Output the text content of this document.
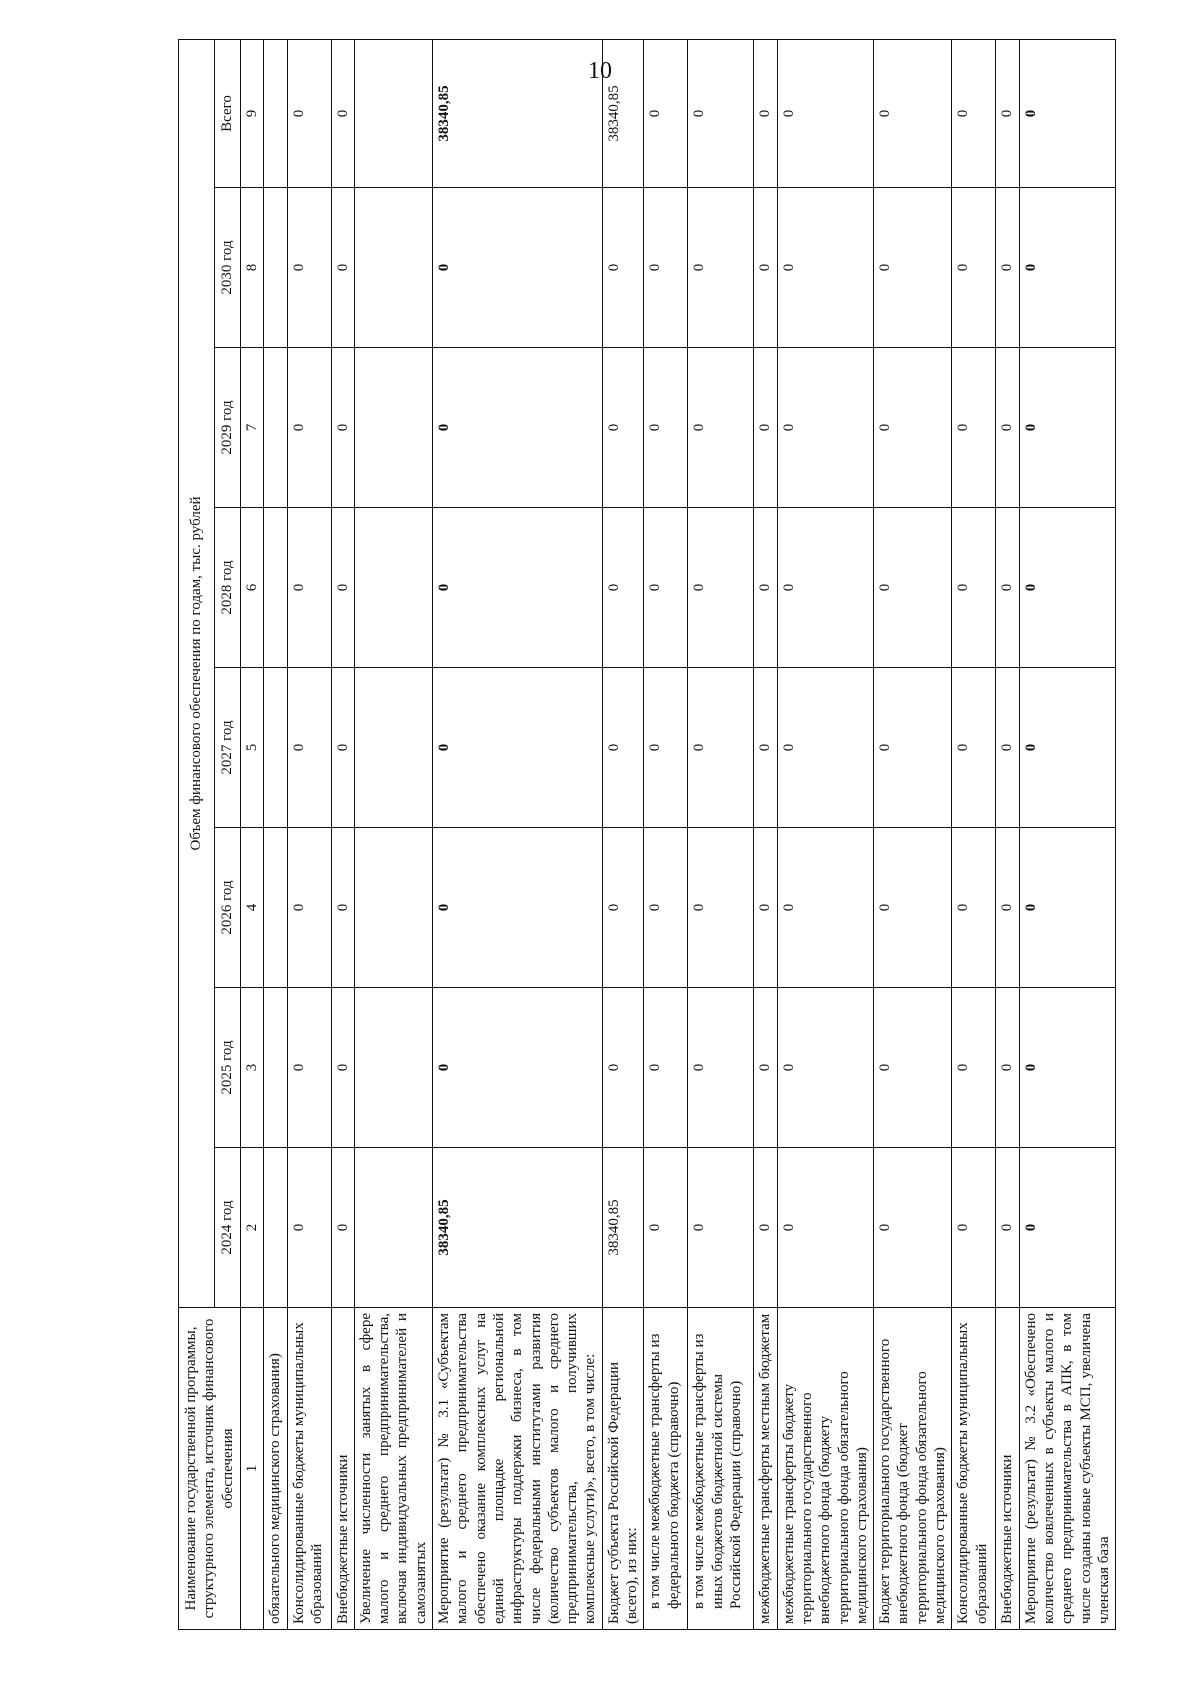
10
Наименование государственной программы, структурного элемента, источник финансового обеспечения	Объем финансового обеспечения по годам, тыс. рублей							
	2024 год	2025 год	2026 год	2027 год	2028 год	2029 год	2030 год	Всего
1	2	3	4	5	6	7	8	9
обязательного медицинского страхования)								
Консолидированные бюджеты муниципальных образований	0	0	0	0	0	0	0	0
Внебюджетные источники	0	0	0	0	0	0	0	0
Увеличение численности занятых в сфере малого и среднего предпринимательства, включая индивидуальных предпринимателей и самозанятых								
Мероприятие (результат) № 3.1 «Субъектам малого и среднего предпринимательства обеспечено оказание комплексных услуг на единой площадке региональной инфраструктуры поддержки бизнеса, в том числе федеральными институтами развития (количество субъектов малого и среднего предпринимательства, получивших комплексные услуги)», всего, в том числе:	38340,85	0	0	0	0	0	0	38340,85
Бюджет субъекта Российской Федерации (всего), из них:	38340,85	0	0	0	0	0	0	38340,85
в том числе межбюджетные трансферты из федерального бюджета (справочно)	0	0	0	0	0	0	0	0
в том числе межбюджетные трансферты из иных бюджетов бюджетной системы Российской Федерации (справочно)	0	0	0	0	0	0	0	0
межбюджетные трансферты местным бюджетам	0	0	0	0	0	0	0	0
межбюджетные трансферты бюджету территориального государственного внебюджетного фонда (бюджету территориального фонда обязательного медицинского страхования)	0	0	0	0	0	0	0	0
Бюджет территориального государственного внебюджетного фонда (бюджет территориального фонда обязательного медицинского страхования)	0	0	0	0	0	0	0	0
Консолидированные бюджеты муниципальных образований	0	0	0	0	0	0	0	0
Внебюджетные источники	0	0	0	0	0	0	0	0
Мероприятие (результат) № 3.2 «Обеспечено количество вовлеченных в субъекты малого и среднего предпринимательства в АПК, в том числе созданы новые субъекты МСП, увеличена членская база	0	0	0	0	0	0	0	0
